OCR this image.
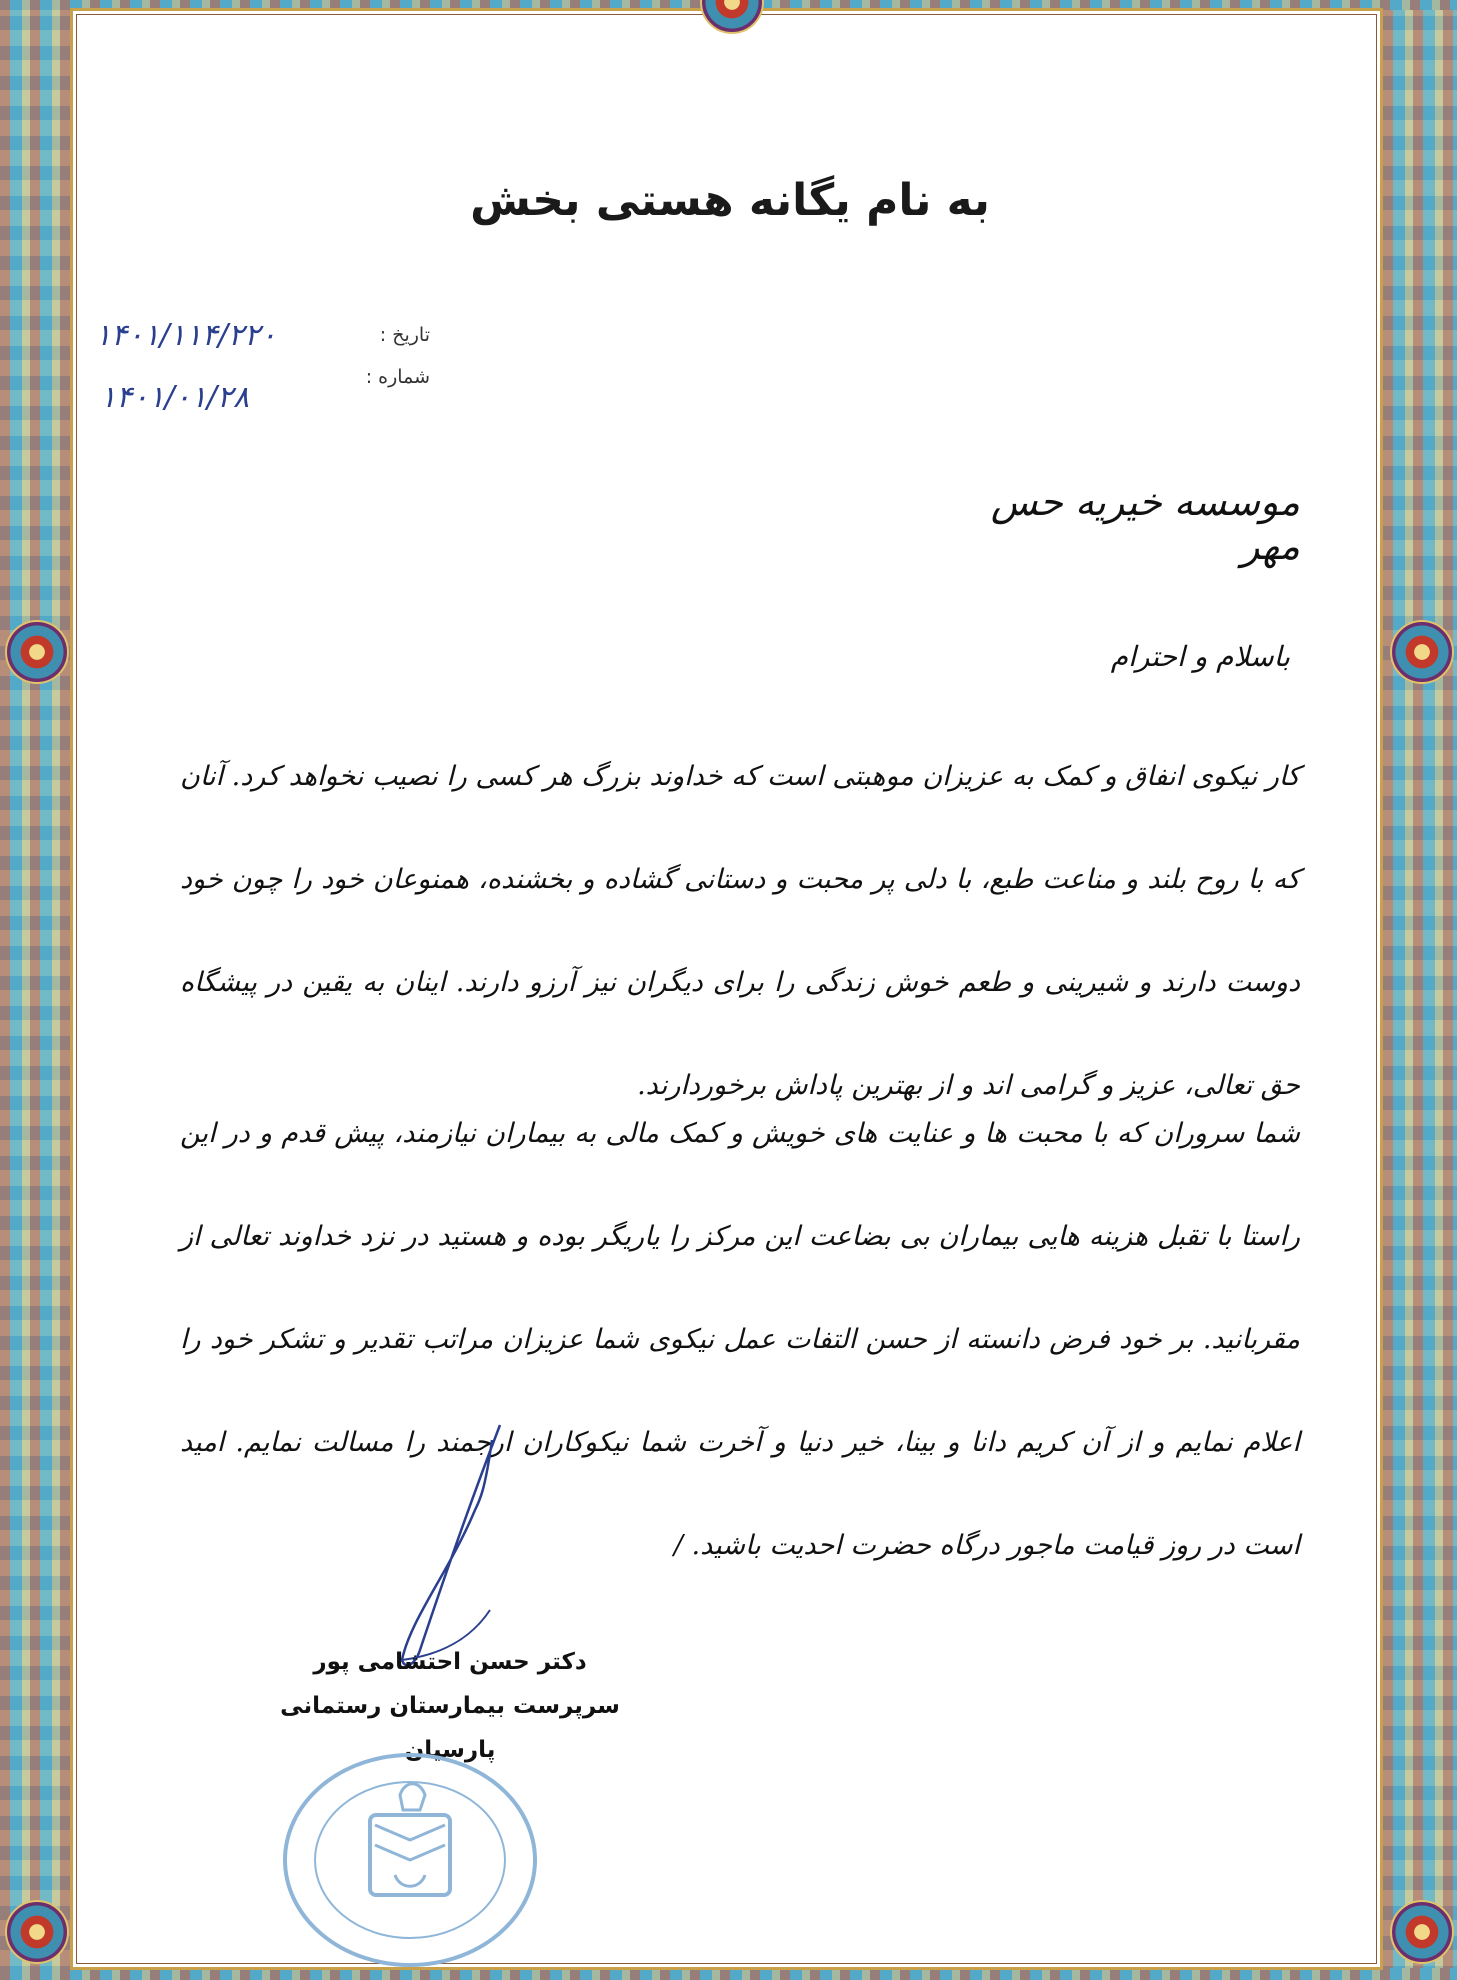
به نام یگانه هستی بخش
تاریخ :
شماره :
۱۴۰۱/۱۱۴/۲۲۰
۱۴۰۱/۰۱/۲۸
موسسه خیریه حس مهر
باسلام و احترام
کار نیکوی انفاق و کمک به عزیزان موهبتی است که خداوند بزرگ هر کسی را نصیب نخواهد کرد. آنان که با روح بلند و مناعت طبع، با دلی پر محبت و دستانی گشاده و بخشنده، همنوعان خود را چون خود دوست دارند و شیرینی و طعم خوش زندگی را برای دیگران نیز آرزو دارند. اینان به یقین در پیشگاه حق تعالی، عزیز و گرامی اند و از بهترین پاداش برخوردارند.
شما سروران که با محبت ها و عنایت های خویش و کمک مالی به بیماران نیازمند، پیش قدم و در این راستا با تقبل هزینه هایی بیماران بی بضاعت این مرکز را یاریگر بوده و هستید در نزد خداوند تعالی از مقربانید. بر خود فرض دانسته از حسن التفات عمل نیکوی شما عزیزان مراتب تقدیر و تشکر خود را اعلام نمایم و از آن کریم دانا و بینا، خیر دنیا و آخرت شما نیکوکاران ارجمند را مسالت نمایم. امید است در روز قیامت ماجور درگاه حضرت احدیت باشید. /
دکتر حسن احتشامی پور
سرپرست بیمارستان رستمانی پارسیان
